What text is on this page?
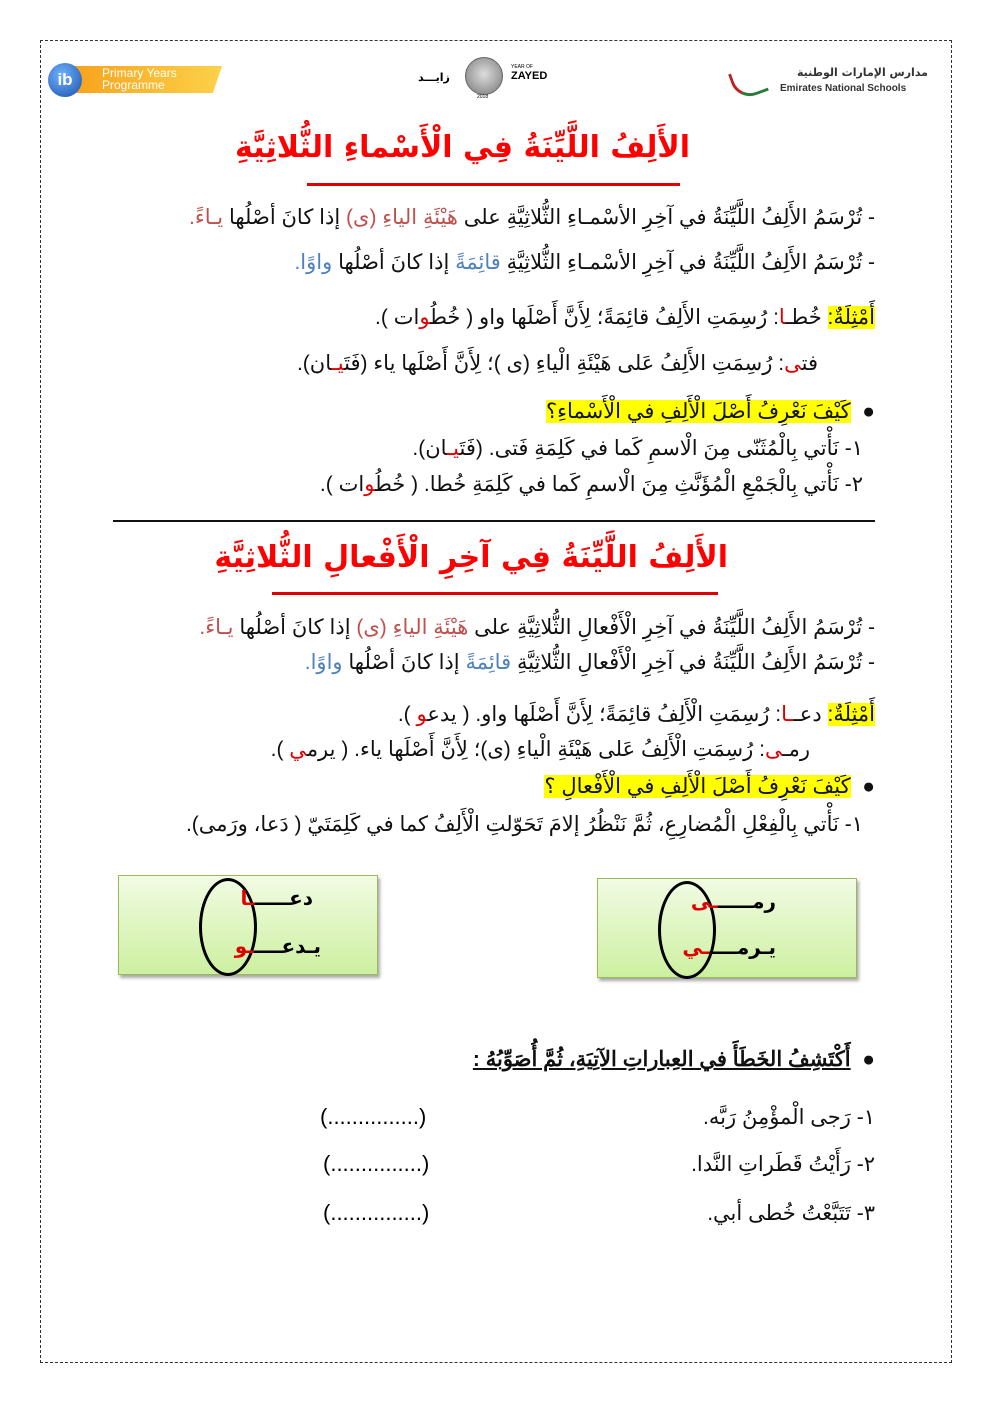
ib	Primary Years
Programme
زايـــد
YEAR OF
ZAYED
2018
مدارس الإمارات الوطنية
Emirates National Schools
الأَلِفُ اللَّيِّنَةُ فِي الْأَسْماءِ الثُّلاثِيَّةِ
- تُرْسَمُ الأَلِفُ اللَّيِّنَةُ في آخِرِ الأسْمـاءِ الثُّلاثِيَّةِ على هَيْئَةِ الياءِ (ى) إذا كانَ أصْلُها يـاءً.
- تُرْسَمُ الأَلِفُ اللَّيِّنَةُ في آخِرِ الأسْمـاءِ الثُّلاثِيَّةِ قائِمَةً إذا كانَ أصْلُها واوًا.
أَمْثِلَةٌ: خُطـا: رُسِمَتِ الأَلِفُ قائِمَةً؛ لِأَنَّ أَصْلَها واو ( خُطُوات ).
فتى: رُسِمَتِ الأَلِفُ عَلى هَيْئَةِ الْياءِ (ى )؛ لِأَنَّ أَصْلَها ياء (فَتَيـان).
●  كَيْفَ نَعْرِفُ أَصْلَ الْأَلِفِ في الْأَسْماءِ؟
١- نَأْتي بِالْمُثَنّى مِنَ الْاسمِ كَما في كَلِمَةِ فَتى. (فَتَيـان).
٢- نَأْتي بِالْجَمْعِ الْمُؤَنَّثِ مِنَ الْاسمِ كَما في كَلِمَةِ خُطا. ( خُطُوات ).
الأَلِفُ اللَّيِّنَةُ فِي آخِرِ الْأَفْعالِ الثُّلاثِيَّةِ
- تُرْسَمُ الأَلِفُ اللَّيِّنَةُ في آخِرِ الْأَفْعالِ الثُّلاثِيَّةِ على هَيْئَةِ الياءِ (ى) إذا كانَ أصْلُها يـاءً.
- تُرْسَمُ الأَلِفُ اللَّيِّنَةُ في آخِرِ الْأَفْعالِ الثُّلاثِيَّةِ قائِمَةً إذا كانَ أصْلُها واوًا.
أَمْثِلَةٌ: دعــا: رُسِمَتِ الْأَلِفُ قائِمَةً؛ لِأَنَّ أَصْلَها واو. ( يدعو ).
رمـى: رُسِمَتِ الْأَلِفُ عَلى هَيْئَةِ الْياءِ (ى)؛ لِأَنَّ أَصْلَها ياء. ( يرمي ).
●  كَيْفَ نَعْرِفُ أَصْلَ الْأَلِفِ في الْأَفْعالِ ؟
١- نَأْتي بِالْفِعْلِ الْمُضارِعِ، ثُمَّ نَنْظُرُ إلامَ تَحَوّلتِ الْأَلِفُ كما في كَلِمَتَيّ ( دَعا، ورَمى).
دعــــــا
يـدعـــــو
رمــــــى
يـرمـــــي
●  أَكْتَشِفُ الخَطَأَ في العِباراتِ الآتِيَةِ، ثُمَّ أُصَوِّبُهُ :
١- رَجى الْمؤْمِنُ رَبَّه.
(...............)
٢- رَأَيْتُ قَطَراتِ النَّدا.
(...............)
٣- تَتَبَّعْتُ خُطى أبي.
(...............)
